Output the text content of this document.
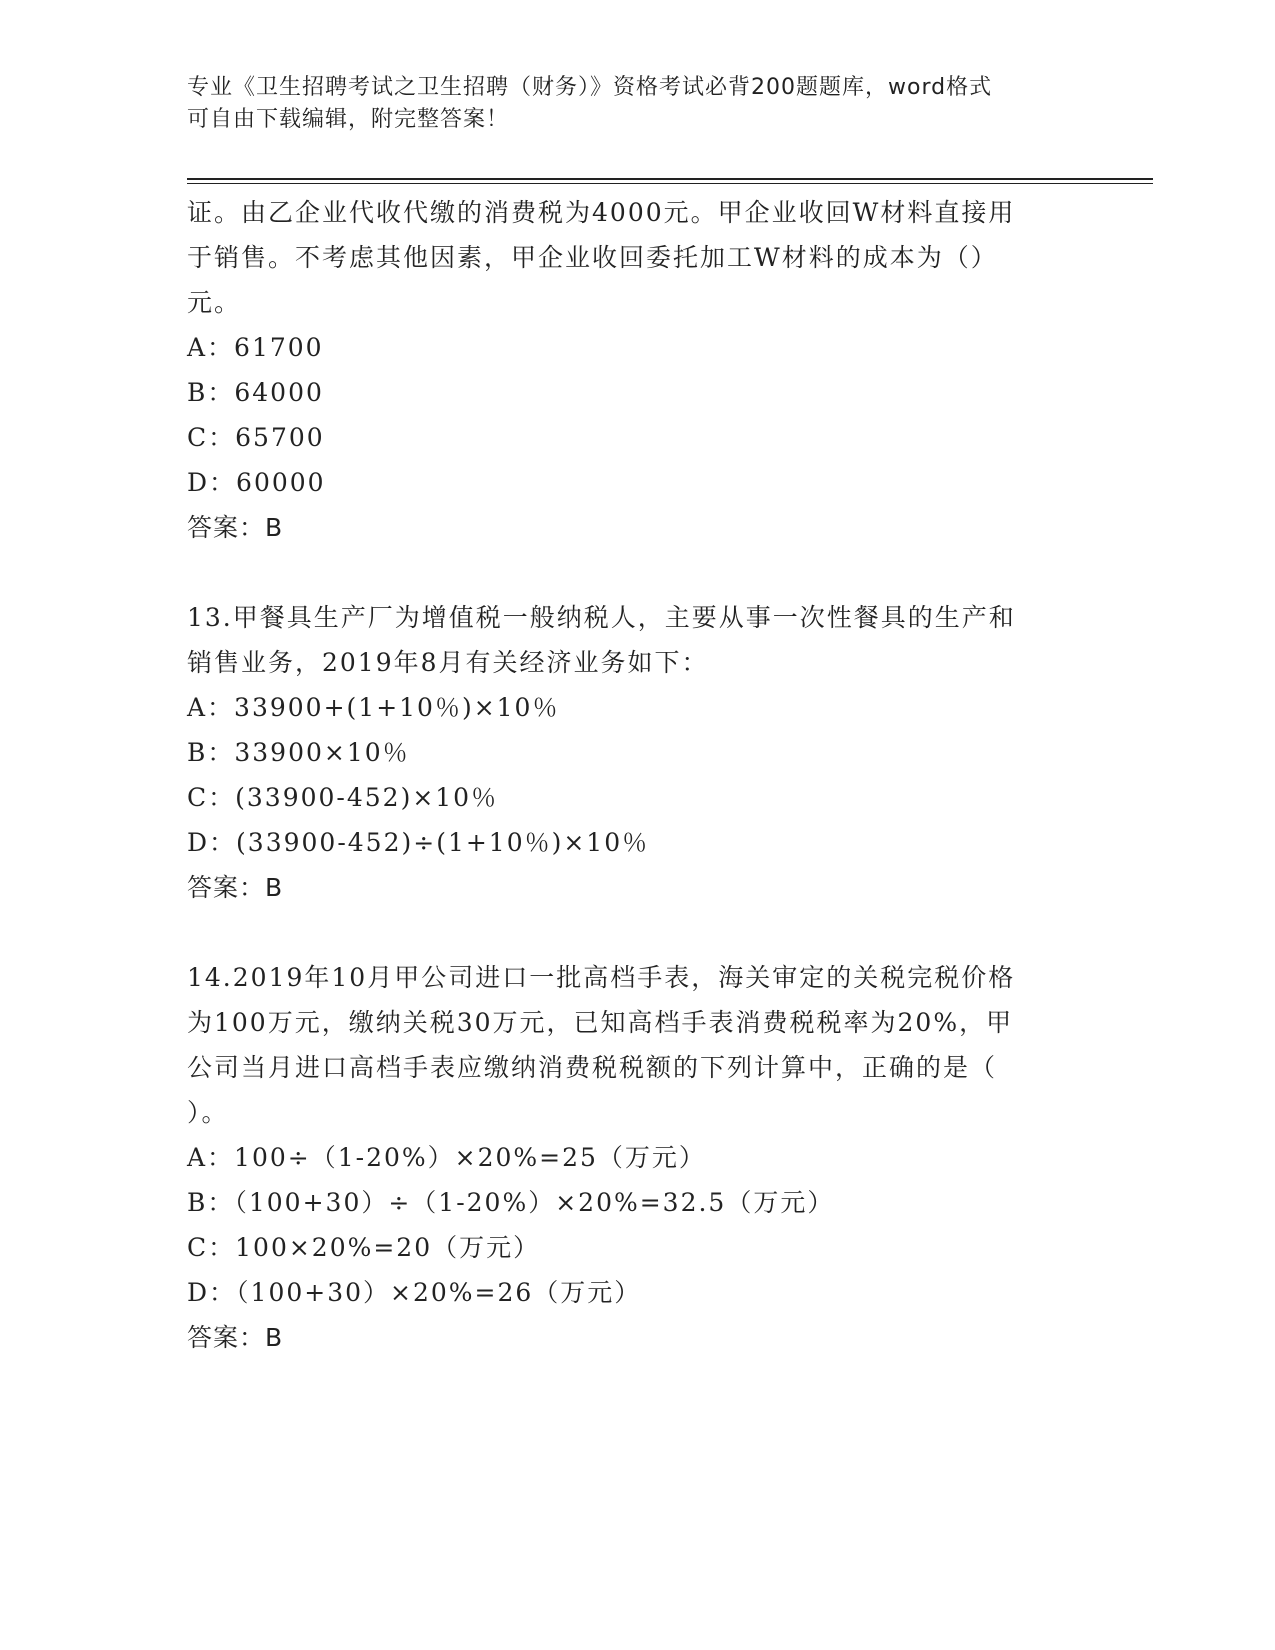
专业《卫生招聘考试之卫生招聘（财务）》资格考试必背200题题库，word格式
可自由下载编辑，附完整答案！

证。由乙企业代收代缴的消费税为4000元。甲企业收回W材料直接用

于销售。不考虑其他因素，甲企业收回委托加工W材料的成本为（）

元。

A：61700

B：64000

C：65700

D：60000

答案：B

13.甲餐具生产厂为增值税一般纳税人，主要从事一次性餐具的生产和

销售业务，2019年8月有关经济业务如下：

A：33900+(1+10％)×10％

B：33900×10％

C：(33900-452)×10％

D：(33900-452)÷(1+10％)×10％

答案：B

14.2019年10月甲公司进口一批高档手表，海关审定的关税完税价格

为100万元，缴纳关税30万元，已知高档手表消费税税率为20%，甲

公司当月进口高档手表应缴纳消费税税额的下列计算中，正确的是（

）。

A：100÷（1-20%）×20%=25（万元）

B：（100+30）÷（1-20%）×20%=32.5（万元）

C：100×20%=20（万元）

D：（100+30）×20%=26（万元）

答案：B
